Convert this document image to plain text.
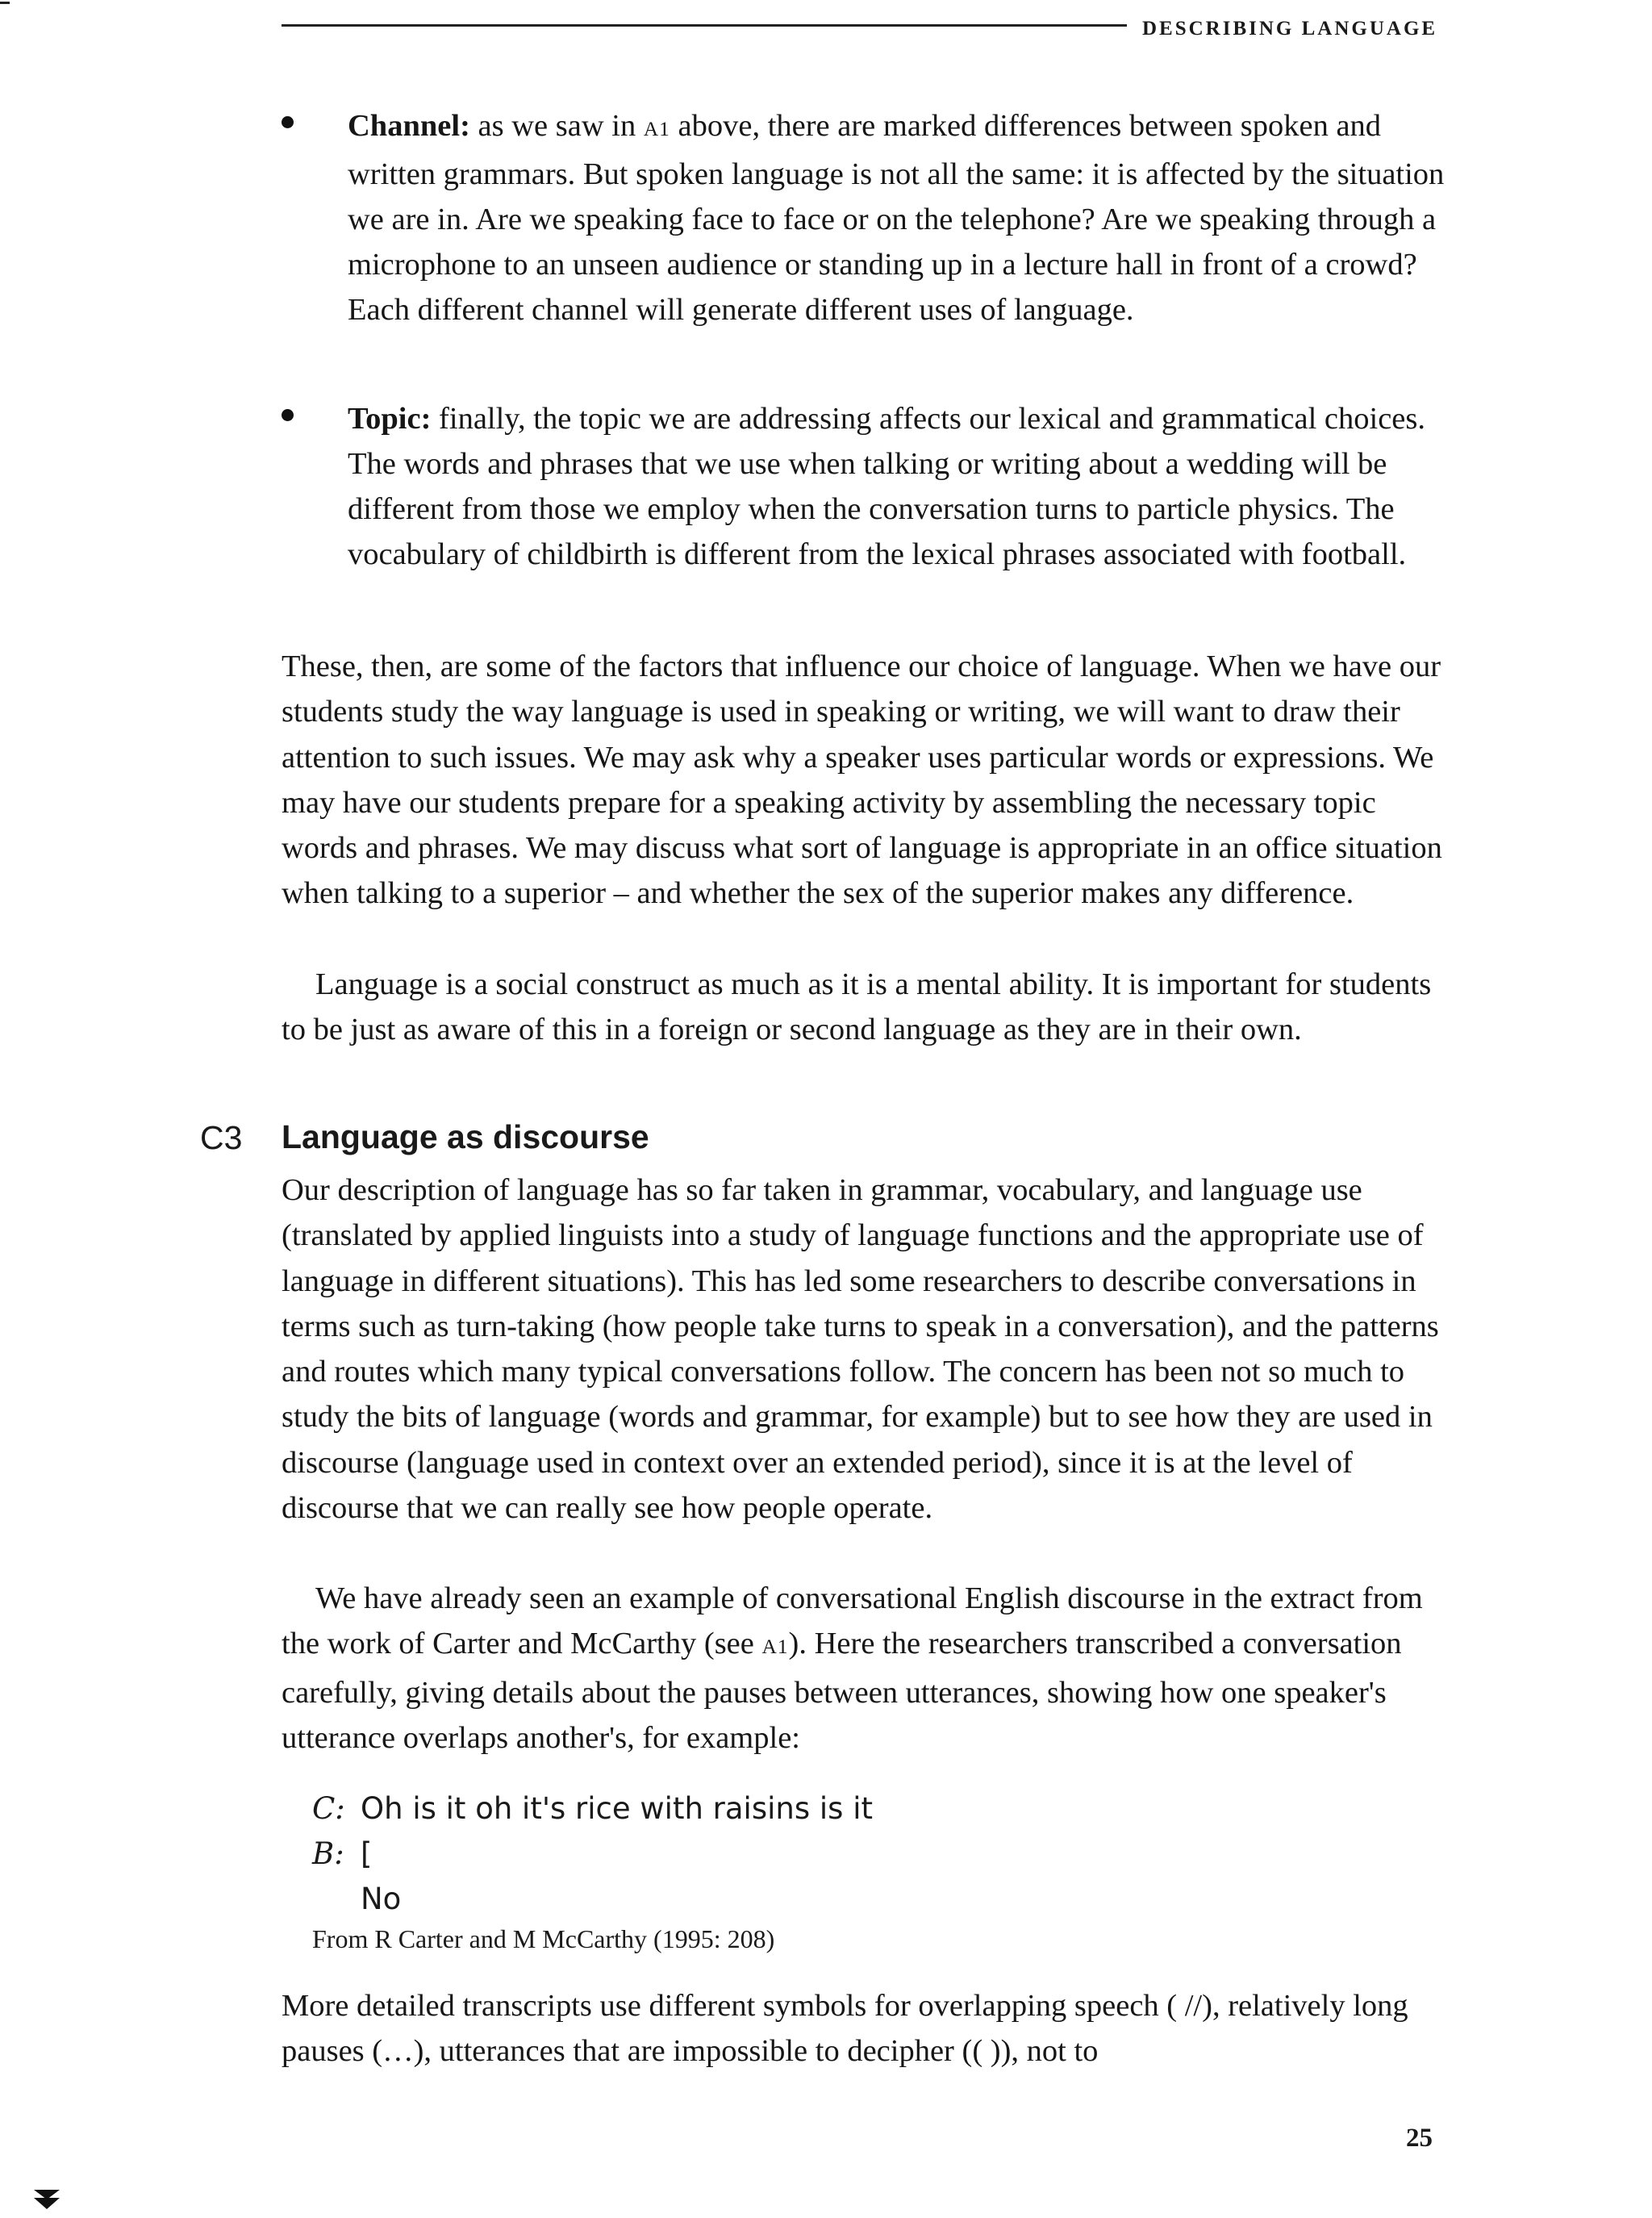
DESCRIBING LANGUAGE

Channel: as we saw in A1 above, there are marked differences between spoken and written grammars. But spoken language is not all the same: it is affected by the situation we are in. Are we speaking face to face or on the telephone? Are we speaking through a microphone to an unseen audience or standing up in a lecture hall in front of a crowd? Each different channel will generate different uses of language.

Topic: finally, the topic we are addressing affects our lexical and grammatical choices. The words and phrases that we use when talking or writing about a wedding will be different from those we employ when the conversation turns to particle physics. The vocabulary of childbirth is different from the lexical phrases associated with football.

These, then, are some of the factors that influence our choice of language. When we have our students study the way language is used in speaking or writing, we will want to draw their attention to such issues. We may ask why a speaker uses particular words or expressions. We may have our students prepare for a speaking activity by assembling the necessary topic words and phrases. We may discuss what sort of language is appropriate in an office situation when talking to a superior – and whether the sex of the superior makes any difference.

Language is a social construct as much as it is a mental ability. It is important for students to be just as aware of this in a foreign or second language as they are in their own.

C3 Language as discourse

Our description of language has so far taken in grammar, vocabulary, and language use (translated by applied linguists into a study of language functions and the appropriate use of language in different situations). This has led some researchers to describe conversations in terms such as turn-taking (how people take turns to speak in a conversation), and the patterns and routes which many typical conversations follow. The concern has been not so much to study the bits of language (words and grammar, for example) but to see how they are used in discourse (language used in context over an extended period), since it is at the level of discourse that we can really see how people operate.

We have already seen an example of conversational English discourse in the extract from the work of Carter and McCarthy (see A1). Here the researchers transcribed a conversation carefully, giving details about the pauses between utterances, showing how one speaker's utterance overlaps another's, for example:

C: Oh is it oh it's rice with raisins is it
B: [
No
From R Carter and M McCarthy (1995: 208)

More detailed transcripts use different symbols for overlapping speech ( //), relatively long pauses (…), utterances that are impossible to decipher (( )), not to

25
